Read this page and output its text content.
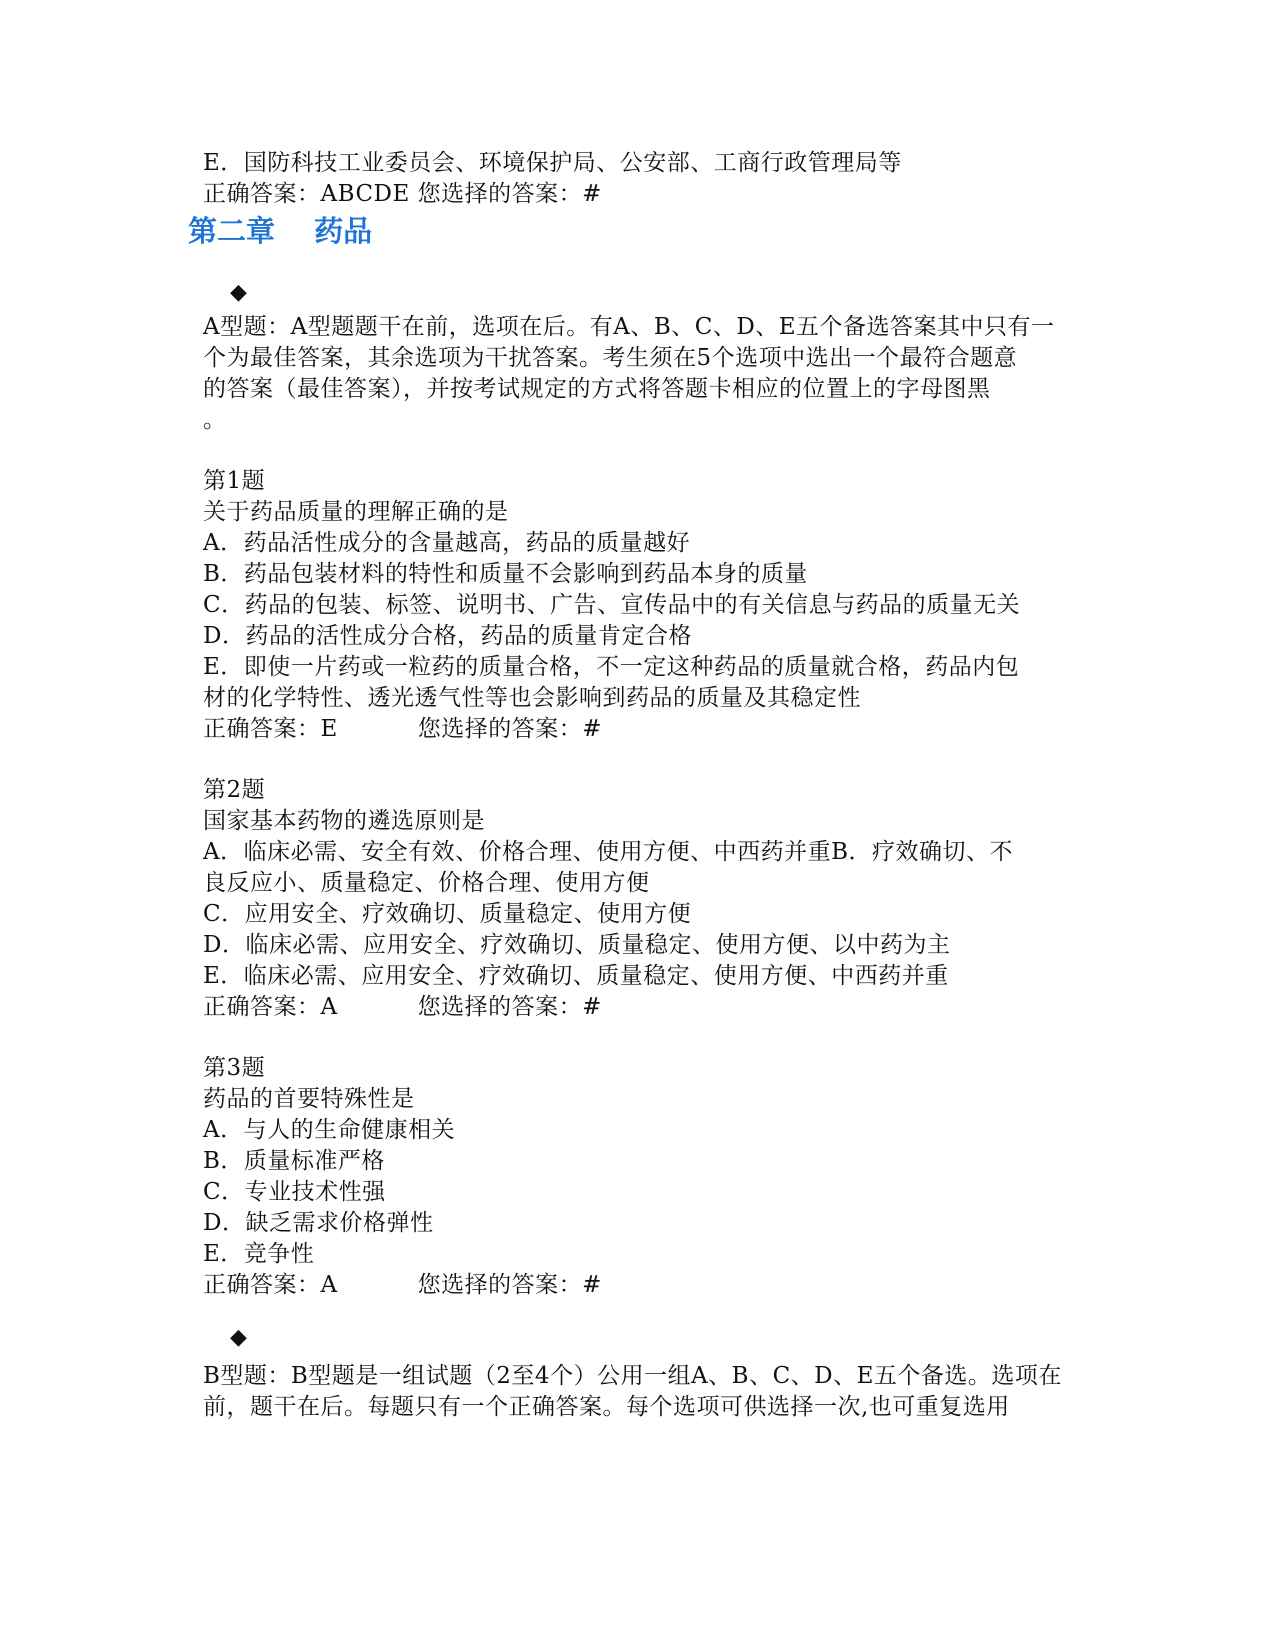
E．国防科技工业委员会、环境保护局、公安部、工商行政管理局等
正确答案：ABCDE 您选择的答案：#
第二章　 药品
◆
A型题：A型题题干在前，选项在后。有A、B、C、D、E五个备选答案其中只有一
个为最佳答案，其余选项为干扰答案。考生须在5个选项中选出一个最符合题意
的答案（最佳答案），并按考试规定的方式将答题卡相应的位置上的字母图黑
。
第1题
关于药品质量的理解正确的是
A．药品活性成分的含量越高，药品的质量越好
B．药品包装材料的特性和质量不会影响到药品本身的质量
C．药品的包装、标签、说明书、广告、宣传品中的有关信息与药品的质量无关
D．药品的活性成分合格，药品的质量肯定合格
E．即使一片药或一粒药的质量合格，不一定这种药品的质量就合格，药品内包
材的化学特性、透光透气性等也会影响到药品的质量及其稳定性
正确答案：E	您选择的答案：#
第2题
国家基本药物的遴选原则是
A．临床必需、安全有效、价格合理、使用方便、中西药并重B．疗效确切、不
良反应小、质量稳定、价格合理、使用方便
C．应用安全、疗效确切、质量稳定、使用方便
D．临床必需、应用安全、疗效确切、质量稳定、使用方便、以中药为主
E．临床必需、应用安全、疗效确切、质量稳定、使用方便、中西药并重
正确答案：A	您选择的答案：#
第3题
药品的首要特殊性是
A．与人的生命健康相关
B．质量标准严格
C．专业技术性强
D．缺乏需求价格弹性
E．竞争性
正确答案：A	您选择的答案：#
◆
B型题：B型题是一组试题（2至4个）公用一组A、B、C、D、E五个备选。选项在
前，题干在后。每题只有一个正确答案。每个选项可供选择一次,也可重复选用
